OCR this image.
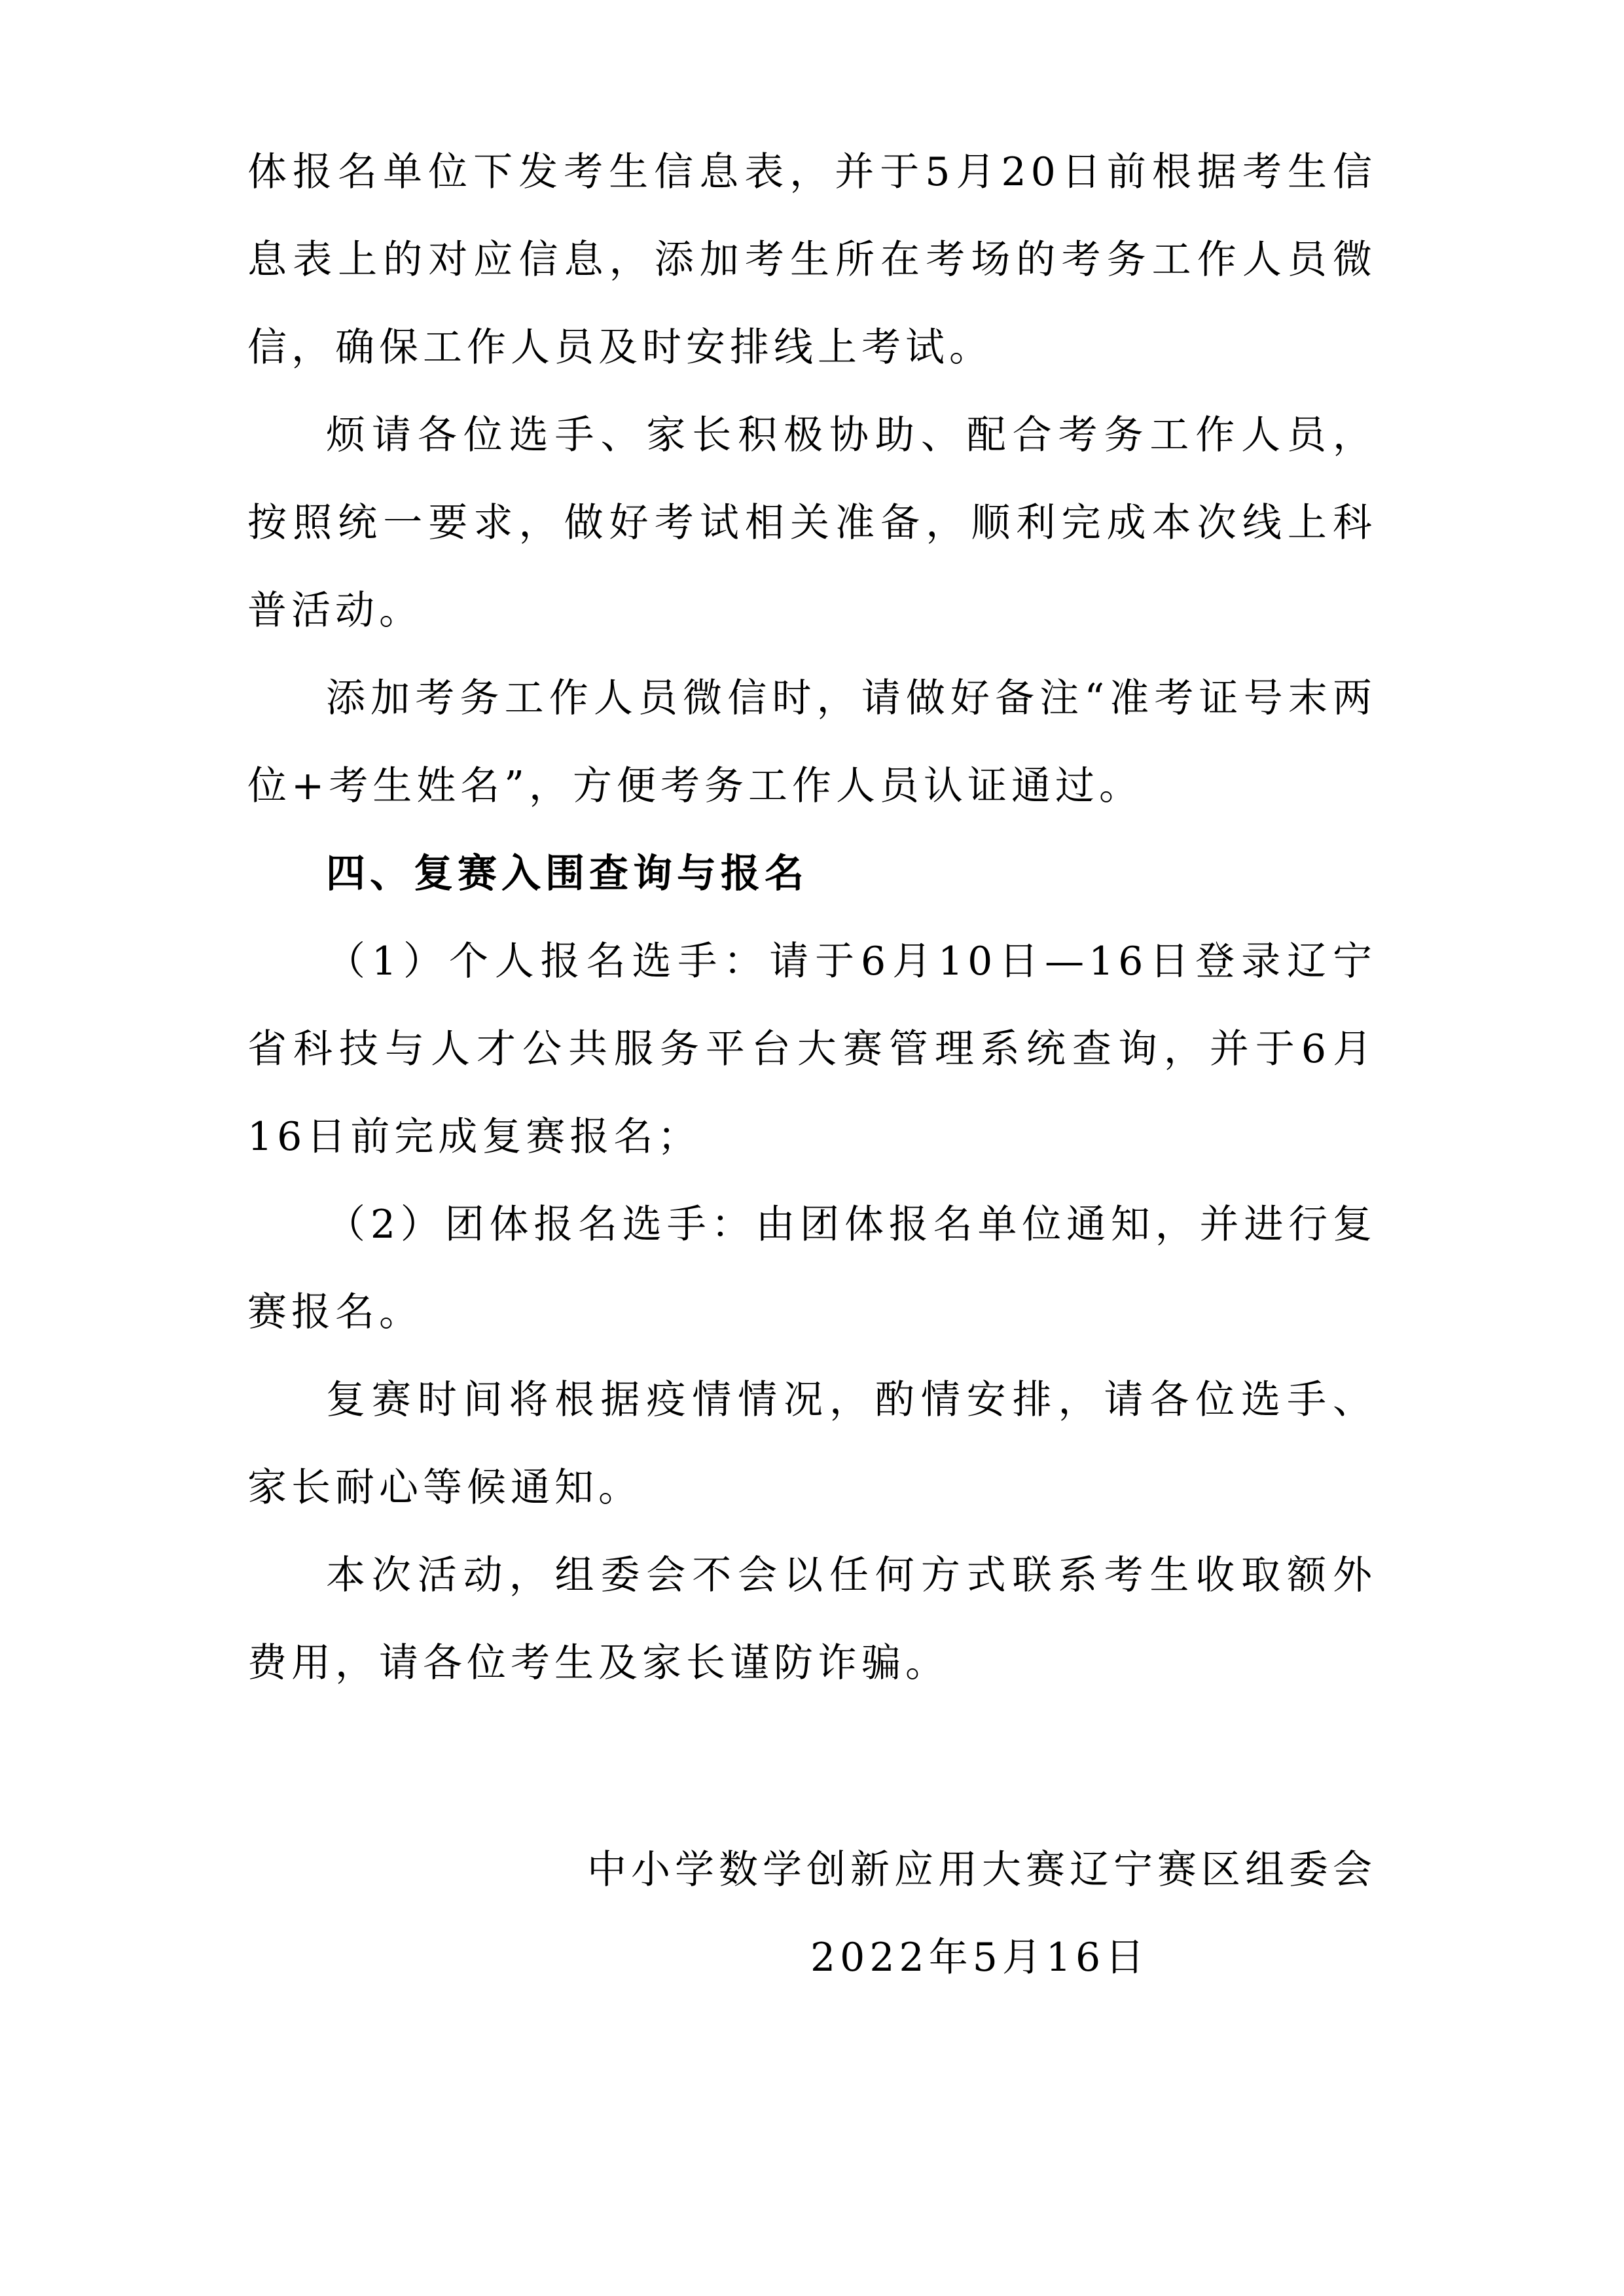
体报名单位下发考生信息表，并于5月20日前根据考生信息表上的对应信息，添加考生所在考场的考务工作人员微信，确保工作人员及时安排线上考试。

烦请各位选手、家长积极协助、配合考务工作人员，按照统一要求，做好考试相关准备，顺利完成本次线上科普活动。

添加考务工作人员微信时，请做好备注“准考证号末两位+考生姓名”，方便考务工作人员认证通过。

四、复赛入围查询与报名

（1）个人报名选手：请于6月10日—16日登录辽宁省科技与人才公共服务平台大赛管理系统查询，并于6月16日前完成复赛报名；

（2）团体报名选手：由团体报名单位通知，并进行复赛报名。

复赛时间将根据疫情情况，酌情安排，请各位选手、家长耐心等候通知。

本次活动，组委会不会以任何方式联系考生收取额外费用，请各位考生及家长谨防诈骗。

中小学数学创新应用大赛辽宁赛区组委会

2022年5月16日
